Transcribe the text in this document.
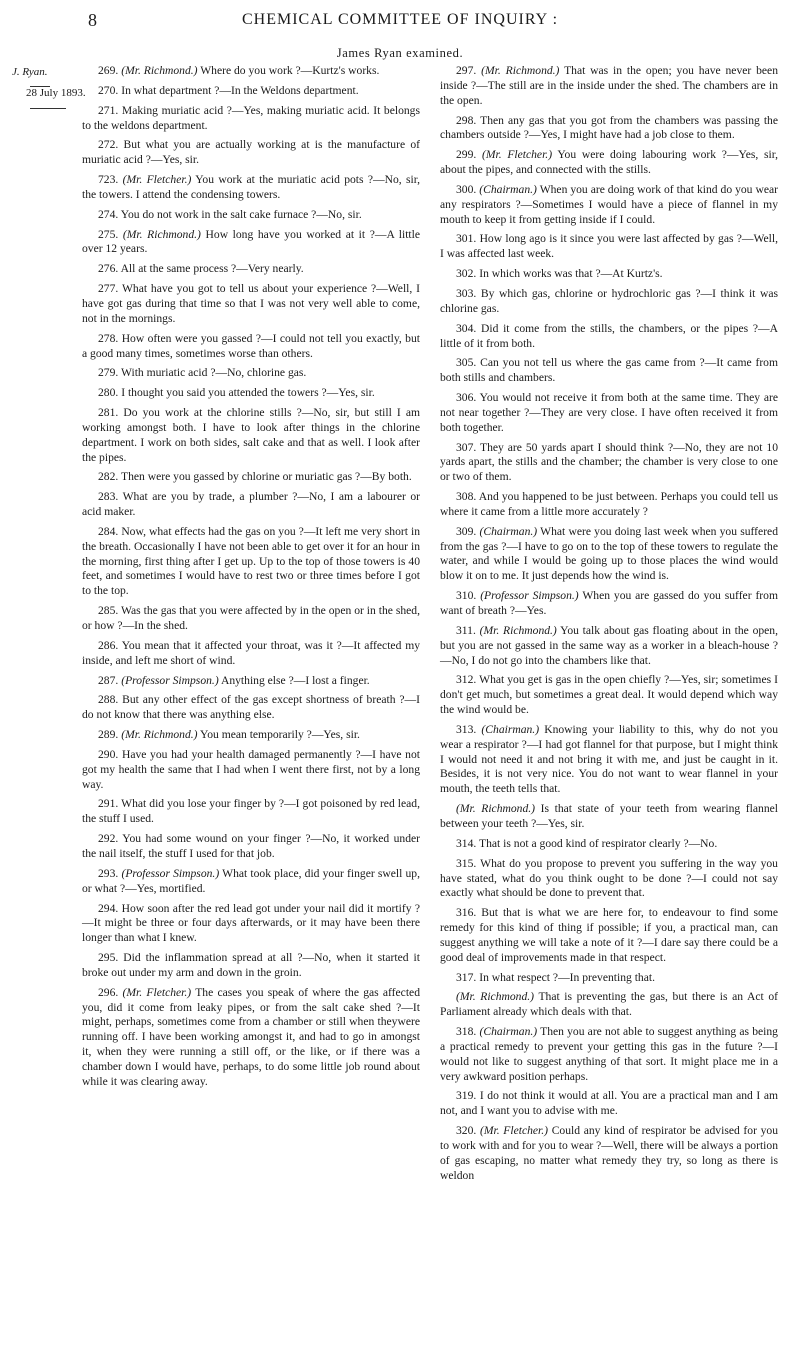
8	CHEMICAL COMMITTEE OF INQUIRY :
James Ryan examined.
J. Ryan.
28 July 1893.

269. (Mr. Richmond.) Where do you work ?—Kurtz's works.

270. In what department ?—In the Weldons department.

271. Making muriatic acid ?—Yes, making muriatic acid. It belongs to the weldons department.

272. But what you are actually working at is the manufacture of muriatic acid ?—Yes, sir.

723. (Mr. Fletcher.) You work at the muriatic acid pots ?—No, sir, the towers. I attend the condensing towers.

274. You do not work in the salt cake furnace ?—No, sir.

275. (Mr. Richmond.) How long have you worked at it ?—A little over 12 years.

276. All at the same process ?—Very nearly.

277. What have you got to tell us about your experience ?—Well, I have got gas during that time so that I was not very well able to come, not in the mornings.

278. How often were you gassed ?—I could not tell you exactly, but a good many times, sometimes worse than others.

279. With muriatic acid ?—No, chlorine gas.

280. I thought you said you attended the towers ?—Yes, sir.

281. Do you work at the chlorine stills ?—No, sir, but still I am working amongst both. I have to look after things in the chlorine department. I work on both sides, salt cake and that as well. I look after the pipes.

282. Then were you gassed by chlorine or muriatic gas ?—By both.

283. What are you by trade, a plumber ?—No, I am a labourer or acid maker.

284. Now, what effects had the gas on you ?—It left me very short in the breath. Occasionally I have not been able to get over it for an hour in the morning, first thing after I get up. Up to the top of those towers is 40 feet, and sometimes I would have to rest two or three times before I got to the top.

285. Was the gas that you were affected by in the open or in the shed, or how ?—In the shed.

286. You mean that it affected your throat, was it ?—It affected my inside, and left me short of wind.

287. (Professor Simpson.) Anything else ?—I lost a finger.

288. But any other effect of the gas except shortness of breath ?—I do not know that there was anything else.

289. (Mr. Richmond.) You mean temporarily ?—Yes, sir.

290. Have you had your health damaged permanently ?—I have not got my health the same that I had when I went there first, not by a long way.

291. What did you lose your finger by ?—I got poisoned by red lead, the stuff I used.

292. You had some wound on your finger ?—No, it worked under the nail itself, the stuff I used for that job.

293. (Professor Simpson.) What took place, did your finger swell up, or what ?—Yes, mortified.

294. How soon after the red lead got under your nail did it mortify ?—It might be three or four days afterwards, or it may have been there longer than what I knew.

295. Did the inflammation spread at all ?—No, when it started it broke out under my arm and down in the groin.

296. (Mr. Fletcher.) The cases you speak of where the gas affected you, did it come from leaky pipes, or from the salt cake shed ?—It might, perhaps, sometimes come from a chamber or still when theywere running off. I have been working amongst it, and had to go in amongst it, when they were running a still off, or the like, or if there was a chamber down I would have, perhaps, to do some little job round about while it was clearing away.

297. (Mr. Richmond.) That was in the open; you have never been inside ?—The still are in the inside under the shed. The chambers are in the open.

298. Then any gas that you got from the chambers was passing the chambers outside ?—Yes, I might have had a job close to them.

299. (Mr. Fletcher.) You were doing labouring work ?—Yes, sir, about the pipes, and connected with the stills.

300. (Chairman.) When you are doing work of that kind do you wear any respirators ?—Sometimes I would have a piece of flannel in my mouth to keep it from getting inside if I could.

301. How long ago is it since you were last affected by gas ?—Well, I was affected last week.

302. In which works was that ?—At Kurtz's.

303. By which gas, chlorine or hydrochloric gas ?—I think it was chlorine gas.

304. Did it come from the stills, the chambers, or the pipes ?—A little of it from both.

305. Can you not tell us where the gas came from ?—It came from both stills and chambers.

306. You would not receive it from both at the same time. They are not near together ?—They are very close. I have often received it from both together.

307. They are 50 yards apart I should think ?—No, they are not 10 yards apart, the stills and the chamber; the chamber is very close to one or two of them.

308. And you happened to be just between. Perhaps you could tell us where it came from a little more accurately ?

309. (Chairman.) What were you doing last week when you suffered from the gas ?—I have to go on to the top of these towers to regulate the water, and while I would be going up to those places the wind would blow it on to me. It just depends how the wind is.

310. (Professor Simpson.) When you are gassed do you suffer from want of breath ?—Yes.

311. (Mr. Richmond.) You talk about gas floating about in the open, but you are not gassed in the same way as a worker in a bleach-house ?—No, I do not go into the chambers like that.

312. What you get is gas in the open chiefly ?—Yes, sir; sometimes I don't get much, but sometimes a great deal. It would depend which way the wind would be.

313. (Chairman.) Knowing your liability to this, why do not you wear a respirator ?—I had got flannel for that purpose, but I might think I would not need it and not bring it with me, and just be caught in it. Besides, it is not very nice. You do not want to wear flannel in your mouth, the teeth tells that.

(Mr. Richmond.) Is that state of your teeth from wearing flannel between your teeth ?—Yes, sir.

314. That is not a good kind of respirator clearly ?—No.

315. What do you propose to prevent you suffering in the way you have stated, what do you think ought to be done ?—I could not say exactly what should be done to prevent that.

316. But that is what we are here for, to endeavour to find some remedy for this kind of thing if possible; if you, a practical man, can suggest anything we will take a note of it ?—I dare say there could be a good deal of improvements made in that respect.

317. In what respect ?—In preventing that.

(Mr. Richmond.) That is preventing the gas, but there is an Act of Parliament already which deals with that.

318. (Chairman.) Then you are not able to suggest anything as being a practical remedy to prevent your getting this gas in the future ?—I would not like to suggest anything of that sort. It might place me in a very awkward position perhaps.

319. I do not think it would at all. You are a practical man and I am not, and I want you to advise with me.

320. (Mr. Fletcher.) Could any kind of respirator be advised for you to work with and for you to wear ?—Well, there will be always a portion of gas escaping, no matter what remedy they try, so long as there is weldon
